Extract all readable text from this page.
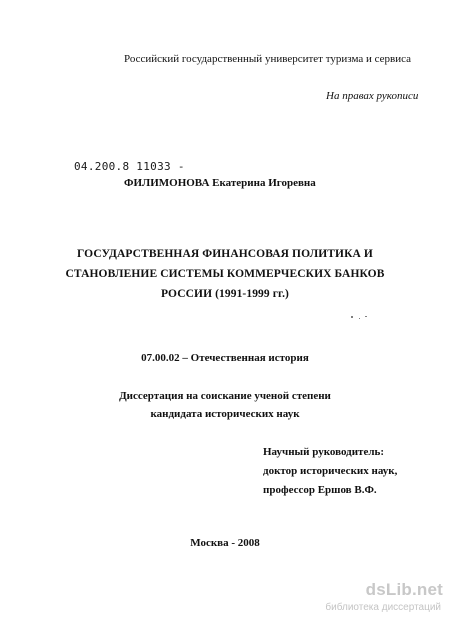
Российский государственный университет туризма и сервиса
На правах рукописи
04.200.8 11033 -
ФИЛИМОНОВА Екатерина Игоревна
ГОСУДАРСТВЕННАЯ ФИНАНСОВАЯ ПОЛИТИКА И
СТАНОВЛЕНИЕ СИСТЕМЫ КОММЕРЧЕСКИХ БАНКОВ
РОССИИ (1991-1999 гг.)
07.00.02 – Отечественная история
Диссертация на соискание ученой степени
кандидата исторических наук
Научный руководитель:
доктор исторических наук,
профессор Ершов В.Ф.
Москва - 2008
dsLib.net
библиотека диссертаций
